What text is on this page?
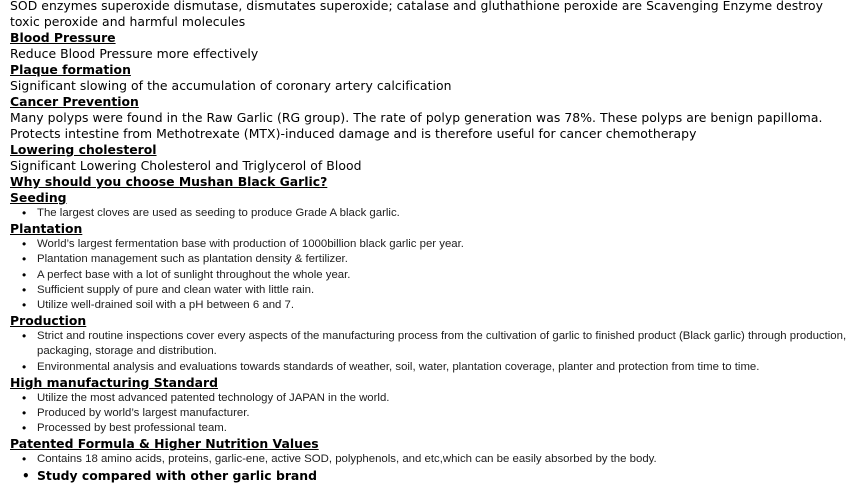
SOD enzymes superoxide dismutase, dismutates superoxide; catalase and gluthathione peroxide are Scavenging Enzyme destroy

toxic peroxide and harmful molecules

Blood Pressure

Reduce Blood Pressure more effectively

Plaque formation

Significant slowing of the accumulation of coronary artery calcification

Cancer Prevention

Many polyps were found in the Raw Garlic (RG group). The rate of polyp generation was 78%. These polyps are benign papilloma.

Protects intestine from Methotrexate (MTX)-induced damage and is therefore useful for cancer chemotherapy

Lowering cholesterol

Significant Lowering Cholesterol and Triglycerol of Blood

Why should you choose Mushan Black Garlic?

Seeding

• The largest cloves are used as seeding to produce Grade A black garlic.

Plantation

• World’s largest fermentation base with production of 1000billion black garlic per year.
• Plantation management such as plantation density & fertilizer.
• A perfect base with a lot of sunlight throughout the whole year.
• Sufficient supply of pure and clean water with little rain.
• Utilize well-drained soil with a pH between 6 and 7.

Production

• Strict and routine inspections cover every aspects of the manufacturing process from the cultivation of garlic to finished product (Black garlic) through production, packaging, storage and distribution.
• Environmental analysis and evaluations towards standards of weather, soil, water, plantation coverage, planter and protection from time to time.

High manufacturing Standard

• Utilize the most advanced patented technology of JAPAN in the world.
• Produced by world’s largest manufacturer.
• Processed by best professional team.

Patented Formula & Higher Nutrition Values

• Contains 18 amino acids, proteins, garlic-ene, active SOD, polyphenols, and etc,which can be easily absorbed by the body.
• Study compared with other garlic brand
